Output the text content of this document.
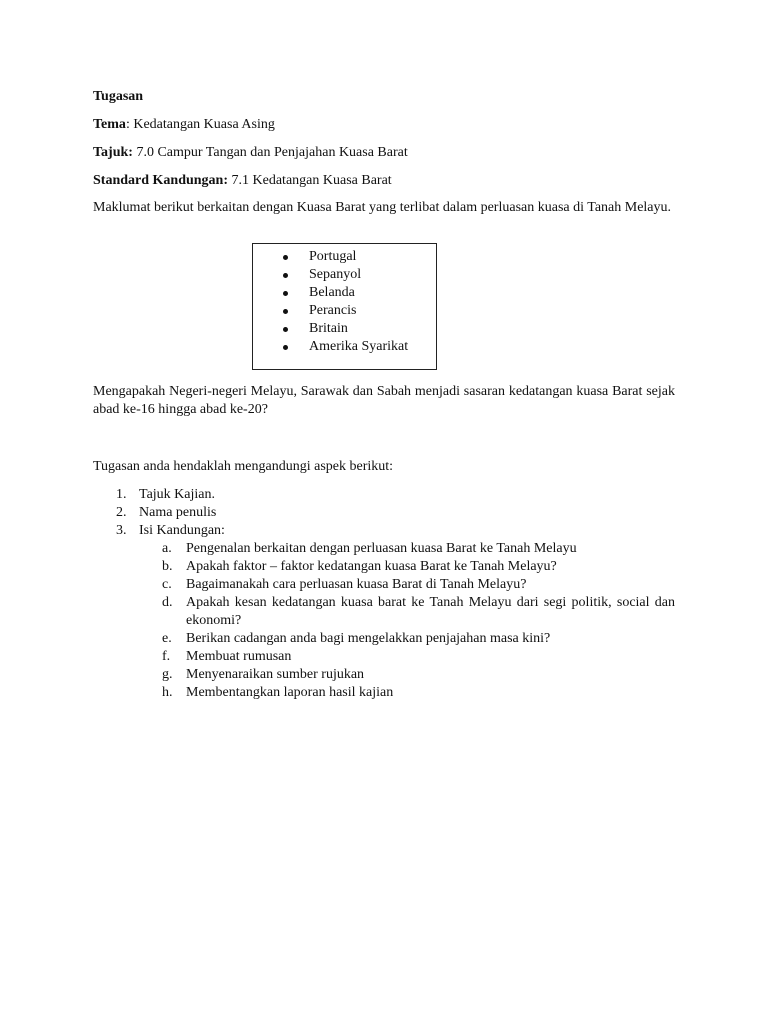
Tugasan

Tema: Kedatangan Kuasa Asing

Tajuk: 7.0 Campur Tangan dan Penjajahan Kuasa Barat

Standard Kandungan: 7.1 Kedatangan Kuasa Barat

Maklumat berikut berkaitan dengan Kuasa Barat yang terlibat dalam perluasan kuasa di Tanah Melayu.

Portugal
Sepanyol
Belanda
Perancis
Britain
Amerika Syarikat

Mengapakah Negeri-negeri Melayu, Sarawak dan Sabah menjadi sasaran kedatangan kuasa Barat sejak abad ke-16 hingga abad ke-20?

Tugasan anda hendaklah mengandungi aspek berikut:

1. Tajuk Kajian.
2. Nama penulis
3. Isi Kandungan:
a.	Pengenalan berkaitan dengan perluasan kuasa Barat ke Tanah Melayu
b. Apakah faktor – faktor kedatangan kuasa Barat ke Tanah Melayu?
c.	Bagaimanakah cara perluasan kuasa Barat di Tanah Melayu?
d. Apakah kesan kedatangan kuasa barat ke Tanah Melayu dari segi politik, social dan ekonomi?
e.	Berikan cadangan anda bagi mengelakkan penjajahan masa kini?
f.	Membuat rumusan
g. Menyenaraikan sumber rujukan
h. Membentangkan laporan hasil kajian
